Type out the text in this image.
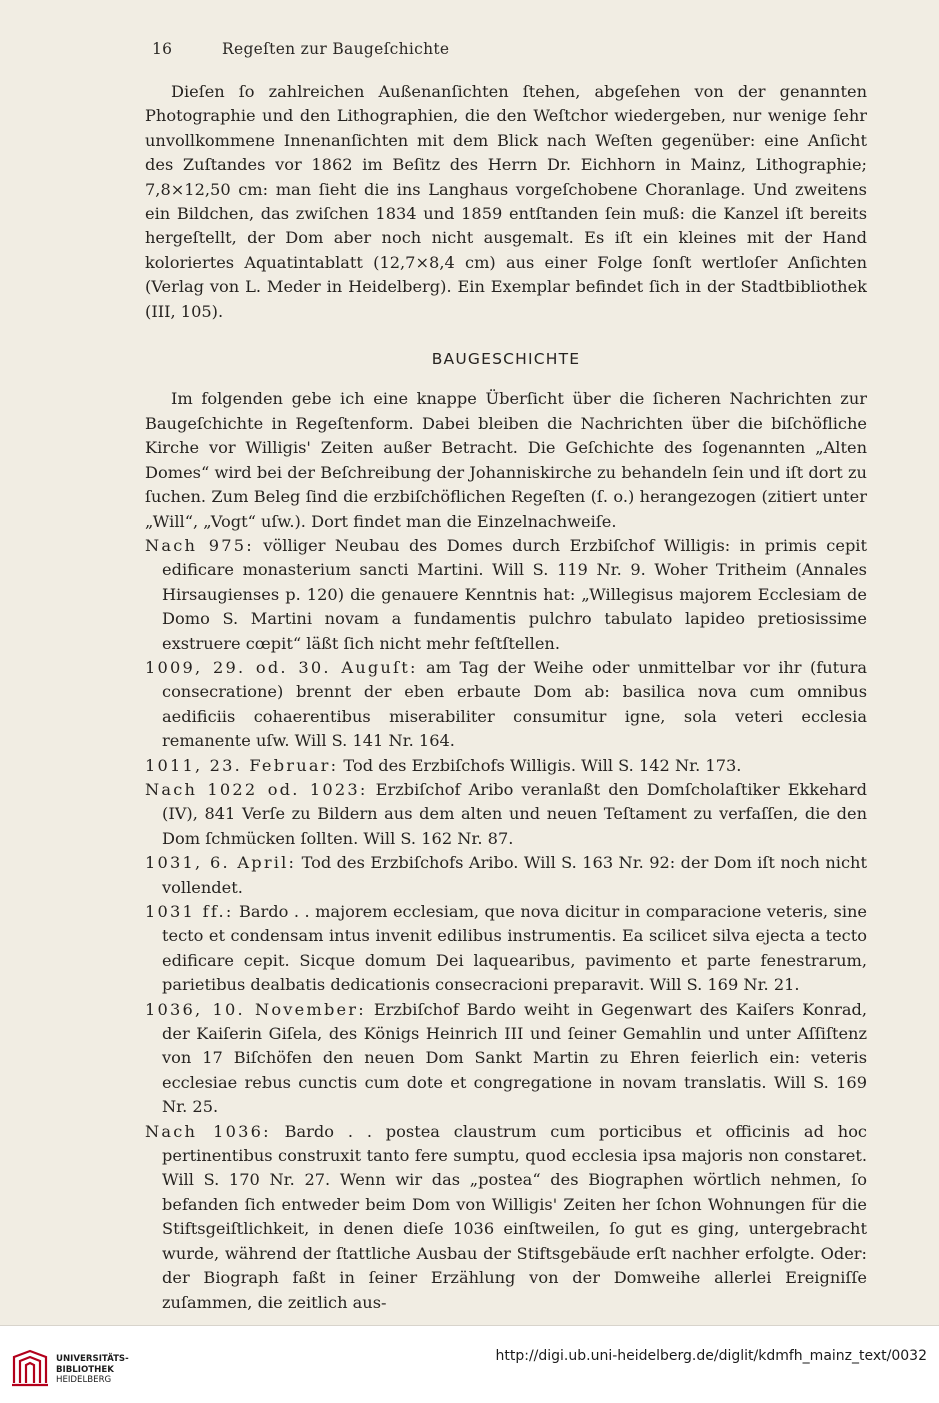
16	Regeſten zur Baugeſchichte

Dieſen ſo zahlreichen Außenanſichten ſtehen, abgeſehen von der genannten Photographie und den Lithographien, die den Weſtchor wiedergeben, nur wenige ſehr unvollkommene Innenanſichten mit dem Blick nach Weſten gegenüber: eine Anſicht des Zuſtandes vor 1862 im Beſitz des Herrn Dr. Eichhorn in Mainz, Lithographie; 7,8×12,50 cm: man ſieht die ins Langhaus vorgeſchobene Choranlage. Und zweitens ein Bildchen, das zwiſchen 1834 und 1859 entſtanden ſein muß: die Kanzel iſt bereits hergeſtellt, der Dom aber noch nicht ausgemalt. Es iſt ein kleines mit der Hand koloriertes Aquatintablatt (12,7×8,4 cm) aus einer Folge ſonſt wertloſer Anſichten (Verlag von L. Meder in Heidelberg). Ein Exemplar befindet ſich in der Stadtbibliothek (III, 105).

BAUGESCHICHTE

Im folgenden gebe ich eine knappe Überſicht über die ſicheren Nachrichten zur Baugeſchichte in Regeſtenform. Dabei bleiben die Nachrichten über die biſchöfliche Kirche vor Willigis' Zeiten außer Betracht. Die Geſchichte des ſogenannten „Alten Domes“ wird bei der Beſchreibung der Johanniskirche zu behandeln ſein und iſt dort zu ſuchen. Zum Beleg ſind die erzbiſchöflichen Regeſten (ſ. o.) herangezogen (zitiert unter „Will“, „Vogt“ uſw.). Dort findet man die Einzelnachweiſe.

Nach 975: völliger Neubau des Domes durch Erzbiſchof Willigis: in primis cepit edificare monasterium sancti Martini. Will S. 119 Nr. 9. Woher Tritheim (Annales Hirsaugienses p. 120) die genauere Kenntnis hat: „Willegisus majorem Ecclesiam de Domo S. Martini novam a fundamentis pulchro tabulato lapideo pretiosissime exstruere cœpit“ läßt ſich nicht mehr feſtſtellen.

1009, 29. od. 30. Auguſt: am Tag der Weihe oder unmittelbar vor ihr (futura consecratione) brennt der eben erbaute Dom ab: basilica nova cum omnibus aedificiis cohaerentibus miserabiliter consumitur igne, sola veteri ecclesia remanente uſw. Will S. 141 Nr. 164.

1011, 23. Februar: Tod des Erzbiſchofs Willigis. Will S. 142 Nr. 173.

Nach 1022 od. 1023: Erzbiſchof Aribo veranlaßt den Domſcholaſtiker Ekkehard (IV), 841 Verſe zu Bildern aus dem alten und neuen Teſtament zu verfaſſen, die den Dom ſchmücken ſollten. Will S. 162 Nr. 87.

1031, 6. April: Tod des Erzbiſchofs Aribo. Will S. 163 Nr. 92: der Dom iſt noch nicht vollendet.

1031 ff.: Bardo . . majorem ecclesiam, que nova dicitur in comparacione veteris, sine tecto et condensam intus invenit edilibus instrumentis. Ea scilicet silva ejecta a tecto edificare cepit. Sicque domum Dei laquearibus, pavimento et parte fenestrarum, parietibus dealbatis dedicationis consecracioni preparavit. Will S. 169 Nr. 21.

1036, 10. November: Erzbiſchof Bardo weiht in Gegenwart des Kaiſers Konrad, der Kaiſerin Giſela, des Königs Heinrich III und ſeiner Gemahlin und unter Aſſiſtenz von 17 Biſchöfen den neuen Dom Sankt Martin zu Ehren feierlich ein: veteris ecclesiae rebus cunctis cum dote et congregatione in novam translatis. Will S. 169 Nr. 25.

Nach 1036: Bardo . . postea claustrum cum porticibus et officinis ad hoc pertinentibus construxit tanto fere sumptu, quod ecclesia ipsa majoris non constaret. Will S. 170 Nr. 27. Wenn wir das „postea“ des Biographen wörtlich nehmen, ſo befanden ſich entweder beim Dom von Willigis' Zeiten her ſchon Wohnungen für die Stiftsgeiſtlichkeit, in denen dieſe 1036 einſtweilen, ſo gut es ging, untergebracht wurde, während der ſtattliche Ausbau der Stiftsgebäude erſt nachher erfolgte. Oder: der Biograph faßt in ſeiner Erzählung von der Domweihe allerlei Ereigniſſe zuſammen, die zeitlich aus-

UNIVERSITÄTS-
BIBLIOTHEK
HEIDELBERG
http://digi.ub.uni-heidelberg.de/diglit/kdmfh_mainz_text/0032
